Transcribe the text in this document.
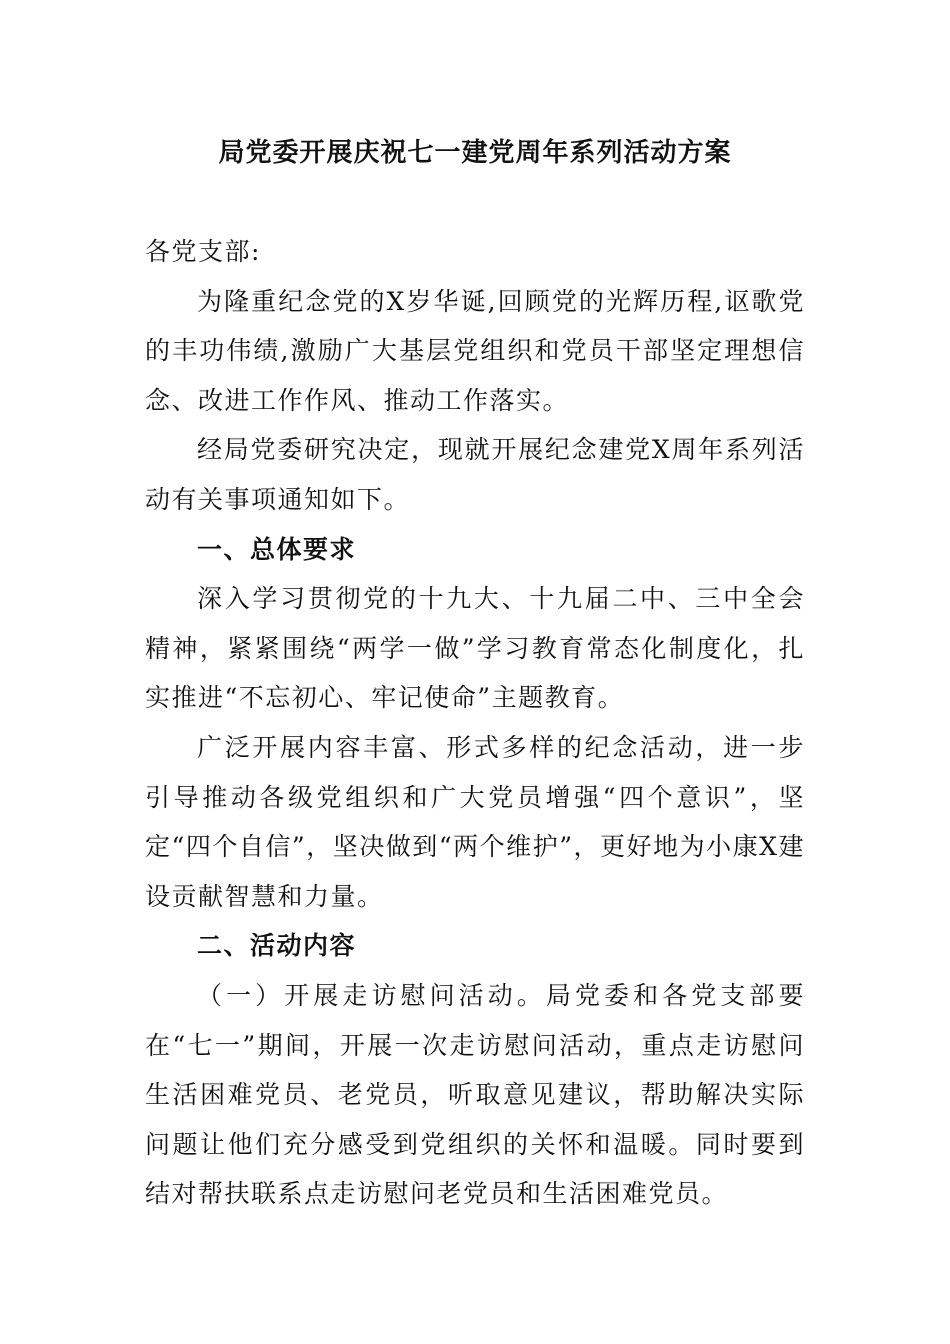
局党委开展庆祝七一建党周年系列活动方案

各党支部:

为隆重纪念党的X岁华诞,回顾党的光辉历程,讴歌党的丰功伟绩,激励广大基层党组织和党员干部坚定理想信念、改进工作作风、推动工作落实。

经局党委研究决定，现就开展纪念建党X周年系列活动有关事项通知如下。

一、总体要求

深入学习贯彻党的十九大、十九届二中、三中全会精神，紧紧围绕“两学一做”学习教育常态化制度化，扎实推进“不忘初心、牢记使命”主题教育。

广泛开展内容丰富、形式多样的纪念活动，进一步引导推动各级党组织和广大党员增强“四个意识”，坚定“四个自信”，坚决做到“两个维护”，更好地为小康X建设贡献智慧和力量。

二、活动内容

（一）开展走访慰问活动。局党委和各党支部要在“七一”期间，开展一次走访慰问活动，重点走访慰问生活困难党员、老党员，听取意见建议，帮助解决实际问题让他们充分感受到党组织的关怀和温暖。同时要到结对帮扶联系点走访慰问老党员和生活困难党员。
